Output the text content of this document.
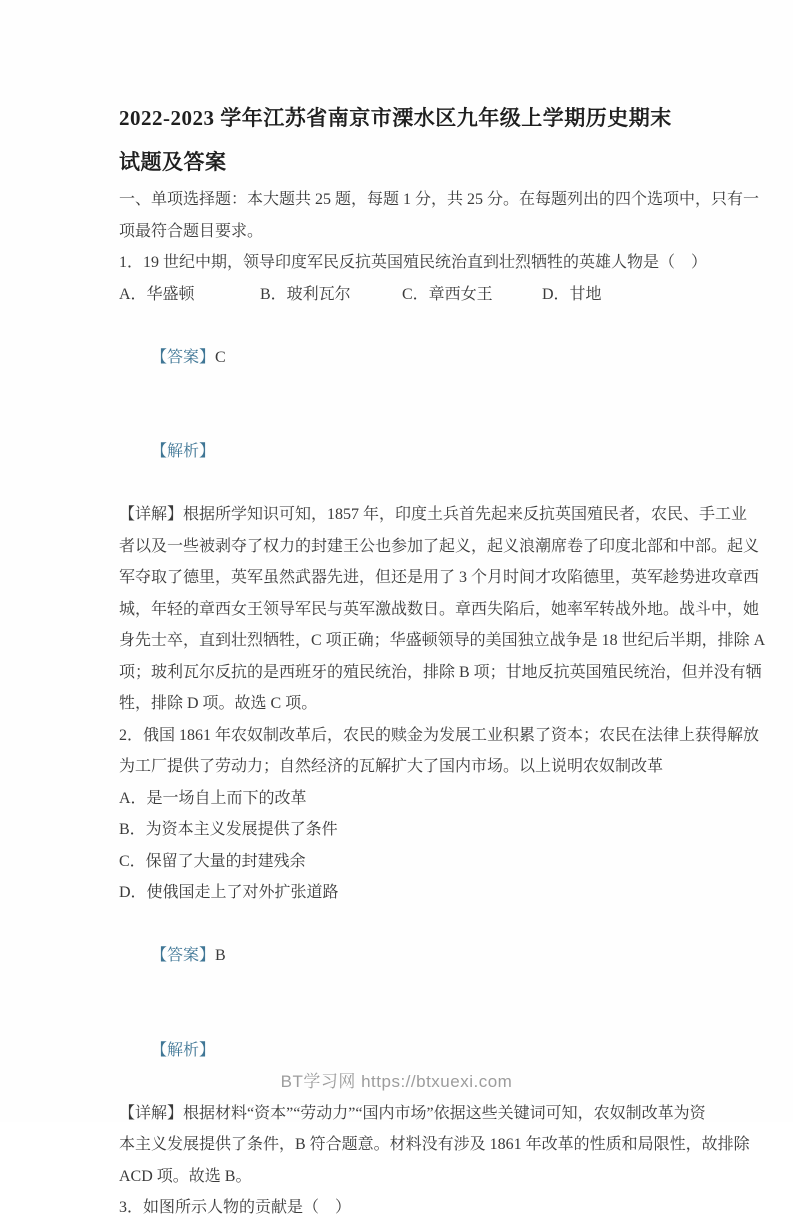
2022-2023 学年江苏省南京市溧水区九年级上学期历史期末
试题及答案
一、单项选择题：本大题共 25 题，每题 1 分，共 25 分。在每题列出的四个选项中，只有一
项最符合题目要求。
1．19 世纪中期，领导印度军民反抗英国殖民统治直到壮烈牺牲的英雄人物是（    ）
A．华盛顿	B．玻利瓦尔	C．章西女王	D．甘地

【答案】C

【解析】

【详解】根据所学知识可知，1857 年，印度土兵首先起来反抗英国殖民者，农民、手工业
者以及一些被剥夺了权力的封建王公也参加了起义，起义浪潮席卷了印度北部和中部。起义
军夺取了德里，英军虽然武器先进，但还是用了 3 个月时间才攻陷德里，英军趁势进攻章西
城，年轻的章西女王领导军民与英军激战数日。章西失陷后，她率军转战外地。战斗中，她
身先士卒，直到壮烈牺牲，C 项正确；华盛顿领导的美国独立战争是 18 世纪后半期，排除 A
项；玻利瓦尔反抗的是西班牙的殖民统治，排除 B 项；甘地反抗英国殖民统治，但并没有牺
牲，排除 D 项。故选 C 项。
2．俄国 1861 年农奴制改革后，农民的赎金为发展工业积累了资本；农民在法律上获得解放
为工厂提供了劳动力；自然经济的瓦解扩大了国内市场。以上说明农奴制改革
A．是一场自上而下的改革
B．为资本主义发展提供了条件
C．保留了大量的封建残余
D．使俄国走上了对外扩张道路

【答案】B

【解析】

【详解】根据材料“资本”“劳动力”“国内市场”依据这些关键词可知，农奴制改革为资
本主义发展提供了条件，B 符合题意。材料没有涉及 1861 年改革的性质和局限性，故排除
ACD 项。故选 B。
3．如图所示人物的贡献是（    ）
BT学习网 https://btxuexi.com
